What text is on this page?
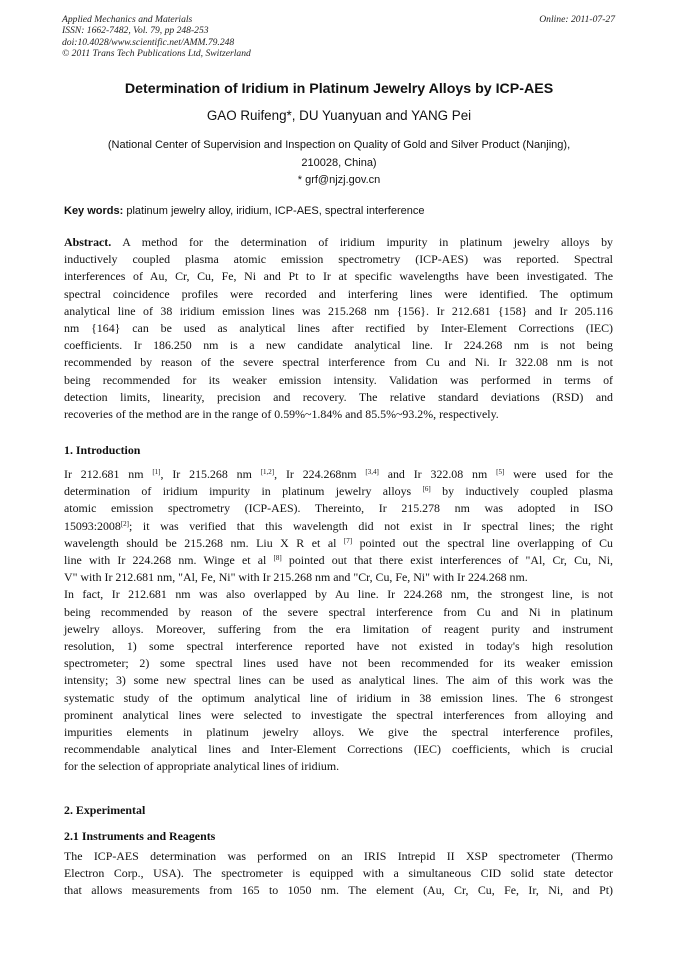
Applied Mechanics and Materials
ISSN: 1662-7482, Vol. 79, pp 248-253
doi:10.4028/www.scientific.net/AMM.79.248
© 2011 Trans Tech Publications Ltd, Switzerland
Online: 2011-07-27
Determination of Iridium in Platinum Jewelry Alloys by ICP-AES
GAO Ruifeng*, DU Yuanyuan and YANG Pei
(National Center of Supervision and Inspection on Quality of Gold and Silver Product (Nanjing),
210028, China)
* grf@njzj.gov.cn
Key words: platinum jewelry alloy, iridium, ICP-AES, spectral interference
Abstract. A method for the determination of iridium impurity in platinum jewelry alloys by
inductively coupled plasma atomic emission spectrometry (ICP-AES) was reported. Spectral
interferences of Au, Cr, Cu, Fe, Ni and Pt to Ir at specific wavelengths have been investigated. The
spectral coincidence profiles were recorded and interfering lines were identified. The optimum
analytical line of 38 iridium emission lines was 215.268 nm {156}. Ir 212.681 {158} and Ir 205.116
nm {164} can be used as analytical lines after rectified by Inter-Element Corrections (IEC)
coefficients. Ir 186.250 nm is a new candidate analytical line. Ir 224.268 nm is not being
recommended by reason of the severe spectral interference from Cu and Ni. Ir 322.08 nm is not
being recommended for its weaker emission intensity. Validation was performed in terms of
detection limits, linearity, precision and recovery. The relative standard deviations (RSD) and
recoveries of the method are in the range of 0.59%~1.84% and 85.5%~93.2%, respectively.
1. Introduction
Ir 212.681 nm [1], Ir 215.268 nm [1,2], Ir 224.268nm [3,4] and Ir 322.08 nm [5] were used for the
determination of iridium impurity in platinum jewelry alloys [6] by inductively coupled plasma
atomic emission spectrometry (ICP-AES). Thereinto, Ir 215.278 nm was adopted in ISO
15093:2008[2]; it was verified that this wavelength did not exist in Ir spectral lines; the right
wavelength should be 215.268 nm. Liu X R et al [7] pointed out the spectral line overlapping of Cu
line with Ir 224.268 nm. Winge et al [8] pointed out that there exist interferences of "Al, Cr, Cu, Ni,
V" with Ir 212.681 nm, "Al, Fe, Ni" with Ir 215.268 nm and "Cr, Cu, Fe, Ni" with Ir 224.268 nm.
In fact, Ir 212.681 nm was also overlapped by Au line. Ir 224.268 nm, the strongest line, is not
being recommended by reason of the severe spectral interference from Cu and Ni in platinum
jewelry alloys. Moreover, suffering from the era limitation of reagent purity and instrument
resolution, 1) some spectral interference reported have not existed in today's high resolution
spectrometer; 2) some spectral lines used have not been recommended for its weaker emission
intensity; 3) some new spectral lines can be used as analytical lines. The aim of this work was the
systematic study of the optimum analytical line of iridium in 38 emission lines. The 6 strongest
prominent analytical lines were selected to investigate the spectral interferences from alloying and
impurities elements in platinum jewelry alloys. We give the spectral interference profiles,
recommendable analytical lines and Inter-Element Corrections (IEC) coefficients, which is crucial
for the selection of appropriate analytical lines of iridium.
2. Experimental
2.1 Instruments and Reagents
The ICP-AES determination was performed on an IRIS Intrepid II XSP spectrometer (Thermo
Electron Corp., USA). The spectrometer is equipped with a simultaneous CID solid state detector
that allows measurements from 165 to 1050 nm. The element (Au, Cr, Cu, Fe, Ir, Ni, and Pt)
